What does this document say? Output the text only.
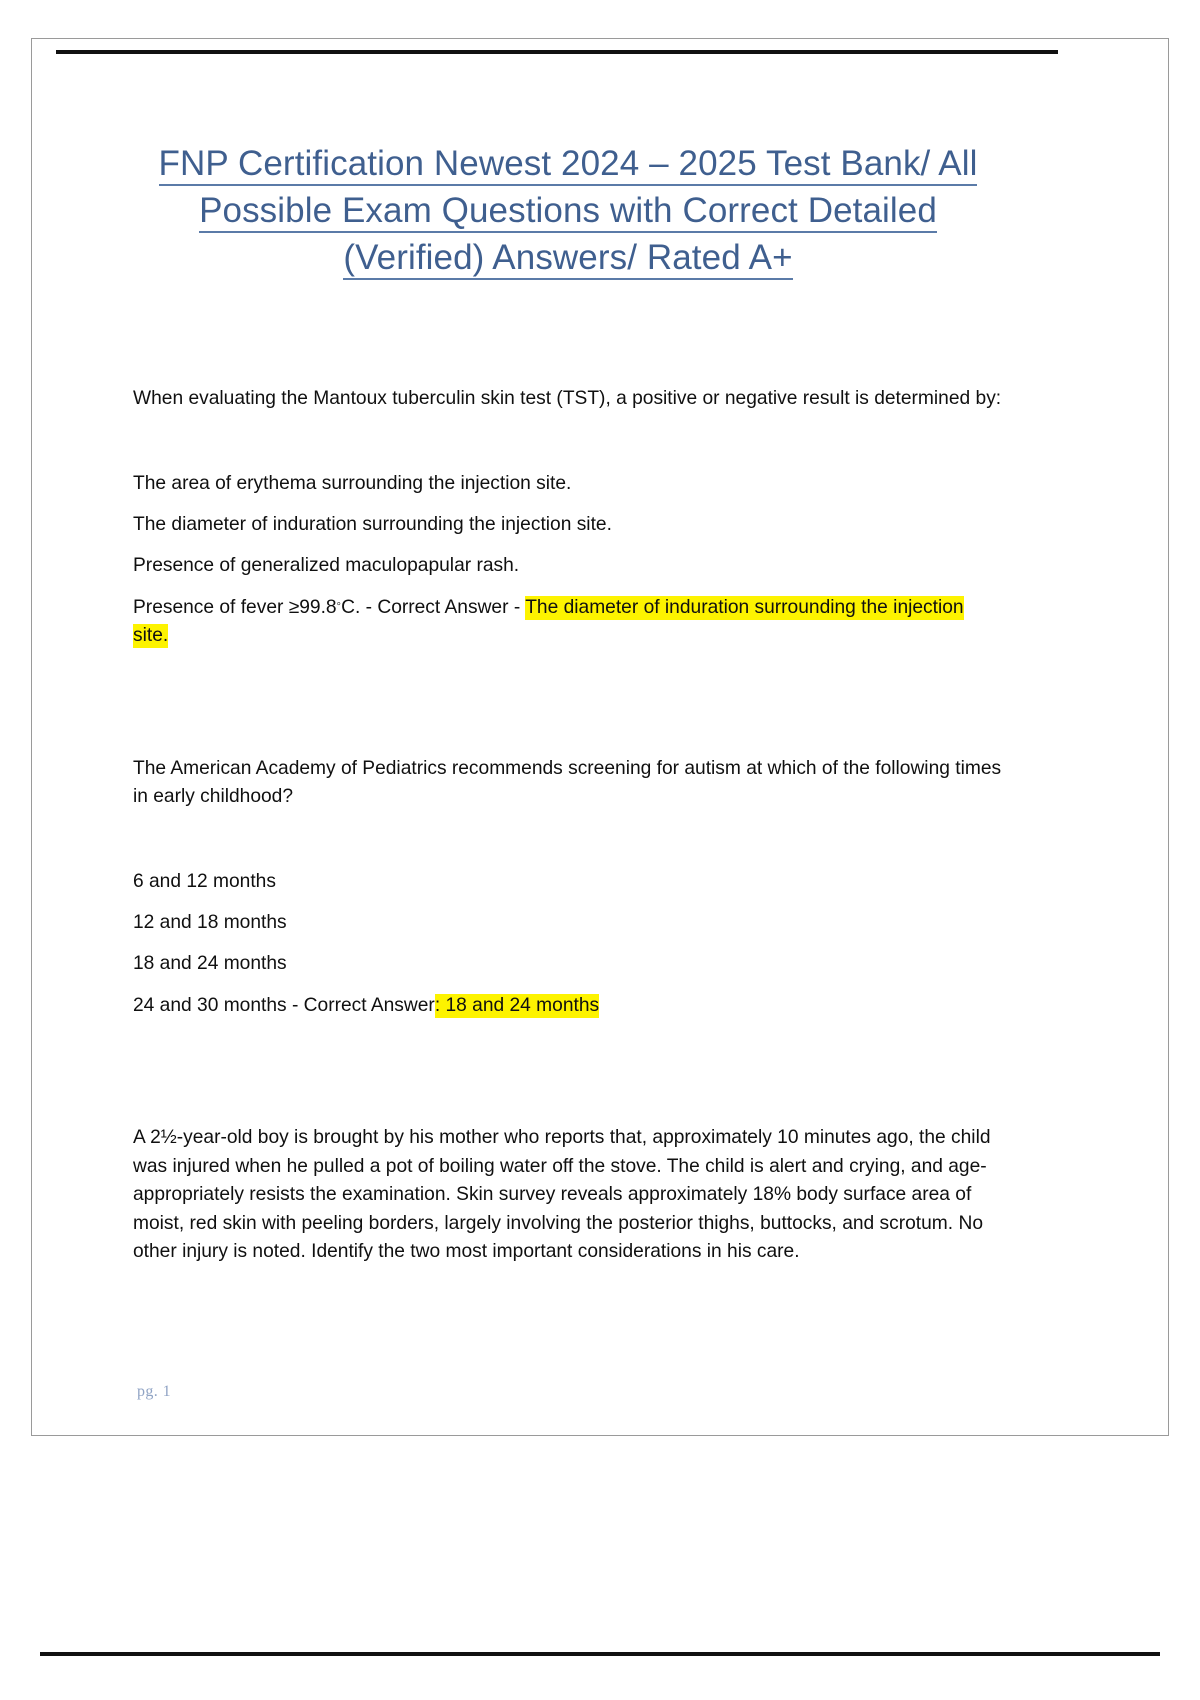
FNP Certification Newest 2024 – 2025 Test Bank/ All
Possible Exam Questions with Correct Detailed
(Verified) Answers/ Rated A+

When evaluating the Mantoux tuberculin skin test (TST), a positive or negative result is determined by:

The area of erythema surrounding the injection site.
The diameter of induration surrounding the injection site.
Presence of generalized maculopapular rash.

Presence of fever ≥99.8◦C. - Correct Answer - The diameter of induration surrounding the injection site.

The American Academy of Pediatrics recommends screening for autism at which of the following times in early childhood?

6 and 12 months
12 and 18 months
18 and 24 months

24 and 30 months - Correct Answer: 18 and 24 months

A 2½-year-old boy is brought by his mother who reports that, approximately 10 minutes ago, the child was injured when he pulled a pot of boiling water off the stove. The child is alert and crying, and age-appropriately resists the examination. Skin survey reveals approximately 18% body surface area of moist, red skin with peeling borders, largely involving the posterior thighs, buttocks, and scrotum. No other injury is noted. Identify the two most important considerations in his care.

pg. 1
